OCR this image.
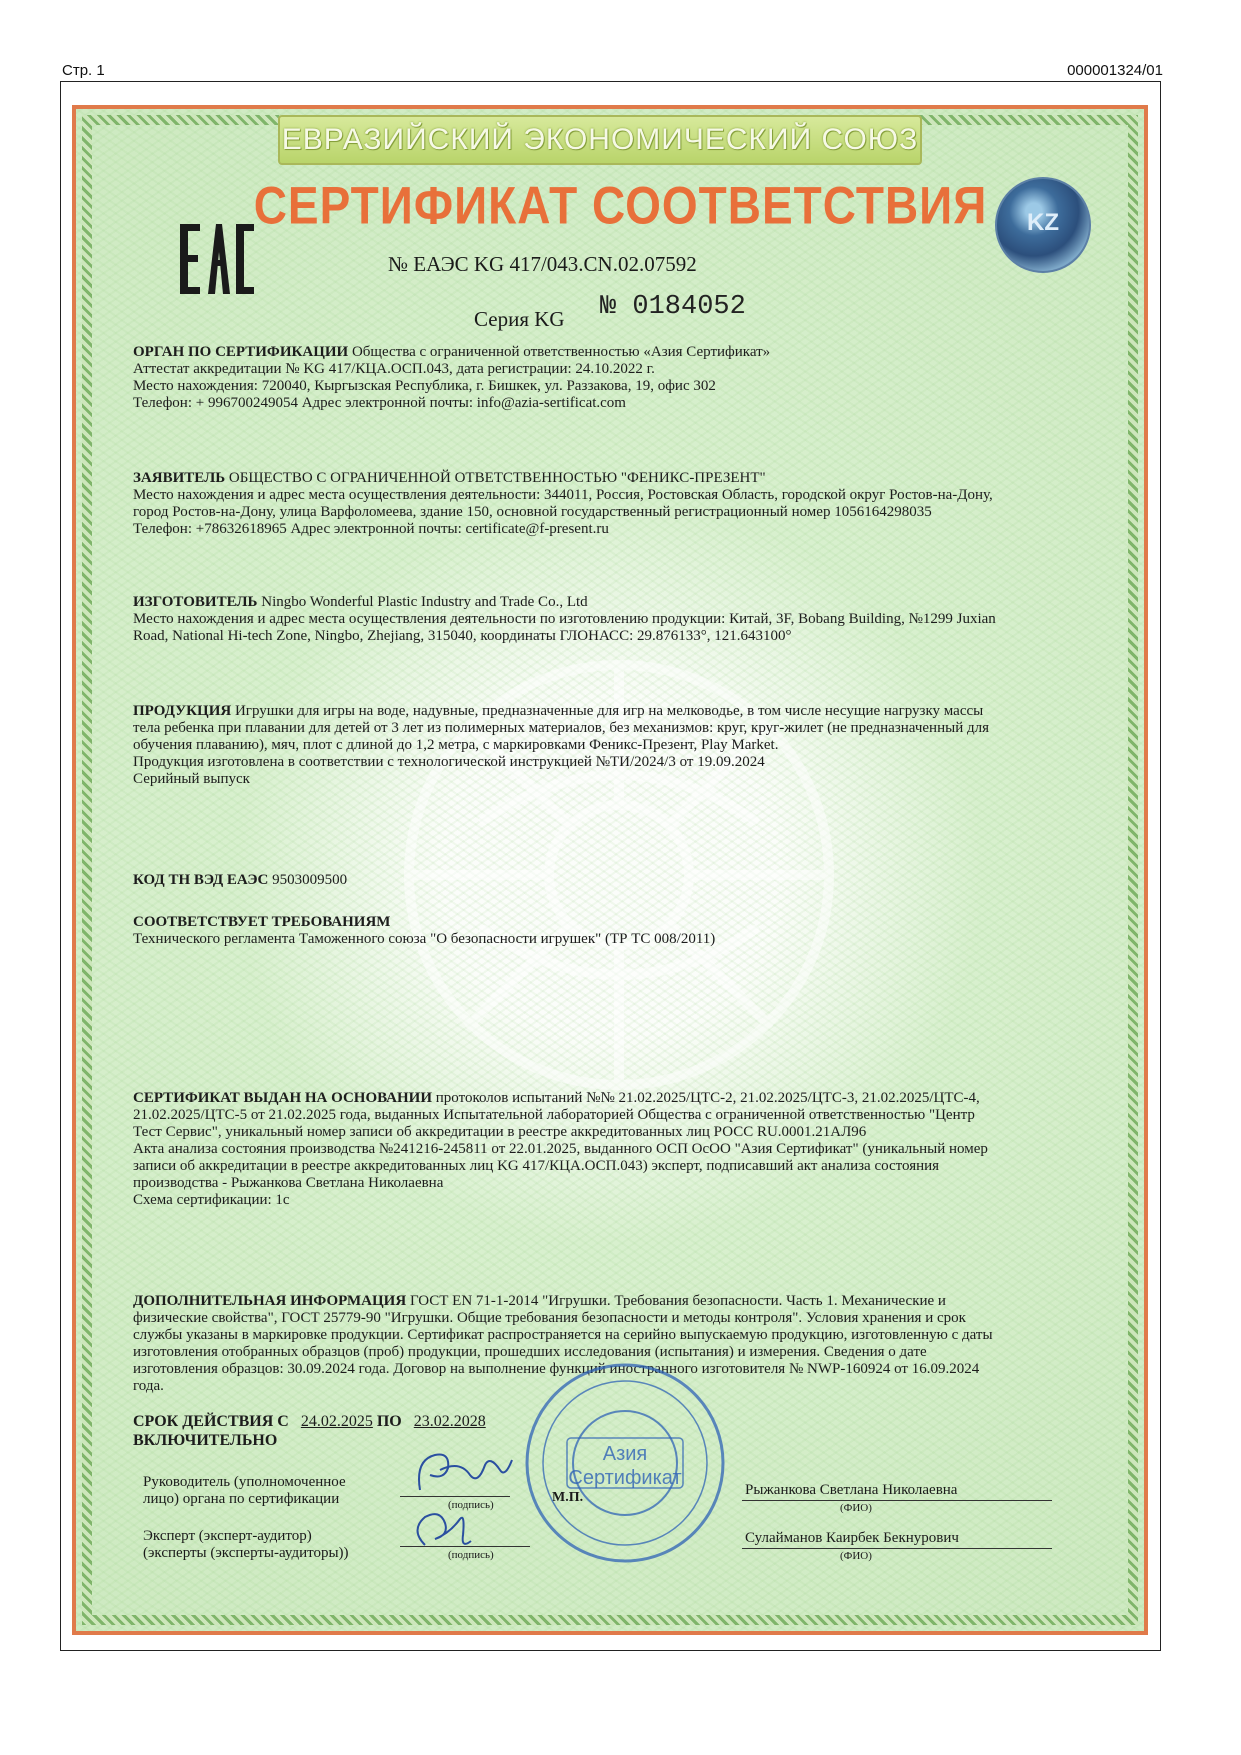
Стр. 1	000001324/01
ЕВРАЗИЙСКИЙ ЭКОНОМИЧЕСКИЙ СОЮЗ
СЕРТИФИКАТ СООТВЕТСТВИЯ	KZ
№ ЕАЭС KG 417/043.CN.02.07592
Серия KG № 0184052
ОРГАН ПО СЕРТИФИКАЦИИ Общества с ограниченной ответственностью «Азия Сертификат»
Аттестат аккредитации № KG 417/КЦА.ОСП.043, дата регистрации: 24.10.2022 г.
Место нахождения: 720040, Кыргызская Республика, г. Бишкек, ул. Раззакова, 19, офис 302
Телефон: + 996700249054 Адрес электронной почты: info@azia-sertificat.com
ЗАЯВИТЕЛЬ ОБЩЕСТВО С ОГРАНИЧЕННОЙ ОТВЕТСТВЕННОСТЬЮ "ФЕНИКС-ПРЕЗЕНТ"
Место нахождения и адрес места осуществления деятельности: 344011, Россия, Ростовская Область, городской округ Ростов-на-Дону,
город Ростов-на-Дону, улица Варфоломеева, здание 150, основной государственный регистрационный номер 1056164298035
Телефон: +78632618965 Адрес электронной почты: certificate@f-present.ru
ИЗГОТОВИТЕЛЬ Ningbo Wonderful Plastic Industry and Trade Co., Ltd
Место нахождения и адрес места осуществления деятельности по изготовлению продукции: Китай, 3F, Bobang Building, №1299 Juxian
Road, National Hi-tech Zone, Ningbo, Zhejiang, 315040, координаты ГЛОНАСС: 29.876133°, 121.643100°
ПРОДУКЦИЯ Игрушки для игры на воде, надувные, предназначенные для игр на мелководье, в том числе несущие нагрузку массы
тела ребенка при плавании для детей от 3 лет из полимерных материалов, без механизмов: круг, круг-жилет (не предназначенный для
обучения плаванию), мяч, плот с длиной до 1,2 метра, с маркировками Феникс-Презент, Play Market.
Продукция изготовлена в соответствии с технологической инструкцией №ТИ/2024/3 от 19.09.2024
Серийный выпуск
КОД ТН ВЭД ЕАЭС 9503009500
СООТВЕТСТВУЕТ ТРЕБОВАНИЯМ
Технического регламента Таможенного союза "О безопасности игрушек" (ТР ТС 008/2011)
СЕРТИФИКАТ ВЫДАН НА ОСНОВАНИИ протоколов испытаний №№ 21.02.2025/ЦТС-2, 21.02.2025/ЦТС-3, 21.02.2025/ЦТС-4,
21.02.2025/ЦТС-5 от 21.02.2025 года, выданных Испытательной лабораторией Общества с ограниченной ответственностью "Центр
Тест Сервис", уникальный номер записи об аккредитации в реестре аккредитованных лиц РОСС RU.0001.21АЛ96
Акта анализа состояния производства №241216-245811 от 22.01.2025, выданного ОСП ОсОО "Азия Сертификат" (уникальный номер
записи об аккредитации в реестре аккредитованных лиц KG 417/КЦА.ОСП.043) эксперт, подписавший акт анализа состояния
производства - Рыжанкова Светлана Николаевна
Схема сертификации: 1с
ДОПОЛНИТЕЛЬНАЯ ИНФОРМАЦИЯ ГОСТ EN 71-1-2014 "Игрушки. Требования безопасности. Часть 1. Механические и
физические свойства", ГОСТ 25779-90 "Игрушки. Общие требования безопасности и методы контроля". Условия хранения и срок
службы указаны в маркировке продукции. Сертификат распространяется на серийно выпускаемую продукцию, изготовленную с даты
изготовления отобранных образцов (проб) продукции, прошедших исследования (испытания) и измерения. Сведения о дате
изготовления образцов: 30.09.2024 года. Договор на выполнение функций иностранного изготовителя № NWP-160924 от 16.09.2024
года.
СРОК ДЕЙСТВИЯ С 24.02.2025 ПО 23.02.2028
ВКЛЮЧИТЕЛЬНО
Руководитель (уполномоченное
лицо) органа по сертификации	(подпись)
Рыжанкова Светлана Николаевна
(ФИО)
Эксперт (эксперт-аудитор)
(эксперты (эксперты-аудиторы))	(подпись)
Сулайманов Каирбек Бекнурович
(ФИО)
М.П.
Азия
Сертификат
